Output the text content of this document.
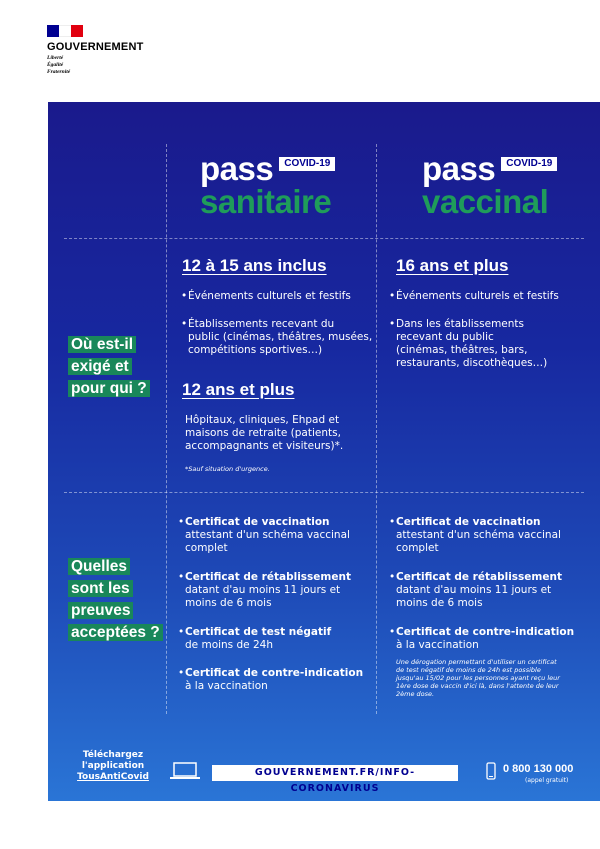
GOUVERNEMENT
Liberté
Égalité
Fraternité
pass COVID-19
sanitaire
pass COVID-19
vaccinal
Où est-il
exigé et
pour qui ?
12 à 15 ans inclus
• Événements culturels et festifs
• Établissements recevant du
public (cinémas, théâtres, musées,
compétitions sportives…)
12 ans et plus
Hôpitaux, cliniques, Ehpad et
maisons de retraite (patients,
accompagnants et visiteurs)*.
*Sauf situation d'urgence.
16 ans et plus
• Événements culturels et festifs
• Dans les établissements
recevant du public
(cinémas, théâtres, bars,
restaurants, discothèques…)
Quelles
sont les
preuves
acceptées ?
• Certificat de vaccination
attestant d'un schéma vaccinal
complet
• Certificat de rétablissement
datant d'au moins 11 jours et
moins de 6 mois
• Certificat de test négatif
de moins de 24h
• Certificat de contre-indication
à la vaccination
• Certificat de vaccination
attestant d'un schéma vaccinal
complet
• Certificat de rétablissement
datant d'au moins 11 jours et
moins de 6 mois
• Certificat de contre-indication
à la vaccination
Une dérogation permettant d'utiliser un certificat
de test négatif de moins de 24h est possible
jusqu'au 15/02 pour les personnes ayant reçu leur
1ère dose de vaccin d'ici là, dans l'attente de leur
2ème dose.
Téléchargez
l'application
TousAntiCovid	GOUVERNEMENT.FR/INFO-CORONAVIRUS
0 800 130 000
(appel gratuit)
